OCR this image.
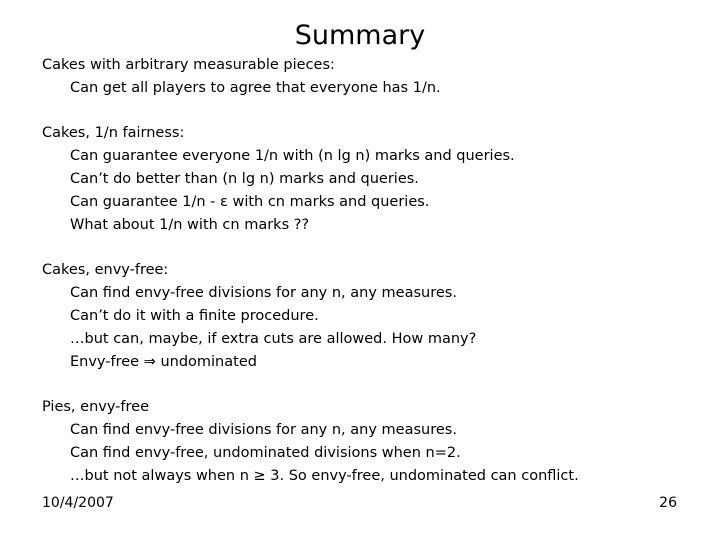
Summary
Cakes with arbitrary measurable pieces:
Can get all players to agree that everyone has 1/n.
Cakes, 1/n fairness:
Can guarantee everyone 1/n with (n lg n) marks and queries.
Can’t do better than (n lg n) marks and queries.
Can guarantee 1/n - ε with cn marks and queries.
What about 1/n with cn marks ??
Cakes, envy-free:
Can find envy-free divisions for any n, any measures.
Can’t do it with a finite procedure.
…but can, maybe, if extra cuts are allowed. How many?
Envy-free ⇒ undominated
Pies, envy-free
Can find envy-free divisions for any n, any measures.
Can find envy-free, undominated divisions when n=2.
…but not always when n ≥ 3. So envy-free, undominated can conflict.
10/4/2007	26
